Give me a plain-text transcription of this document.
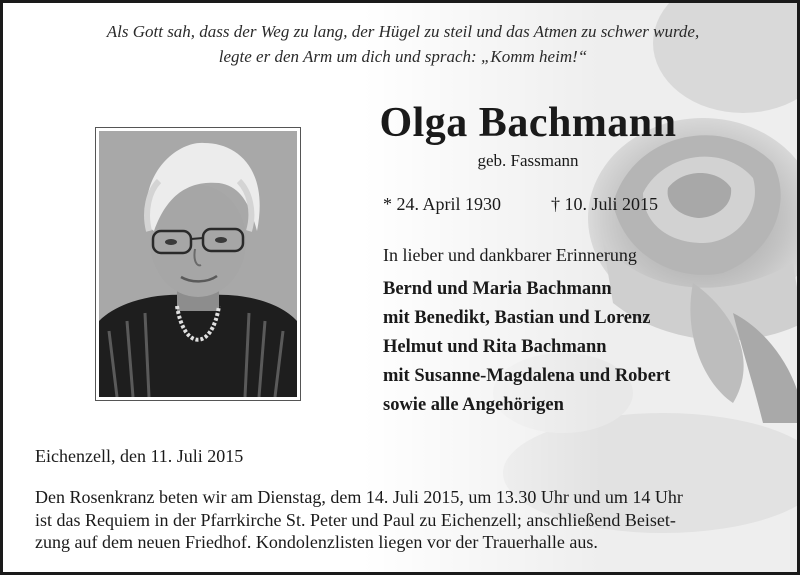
Als Gott sah, dass der Weg zu lang, der Hügel zu steil und das Atmen zu schwer wurde,
legte er den Arm um dich und sprach: „Komm heim!“
Olga Bachmann
geb. Fassmann
* 24. April 1930	† 10. Juli 2015
In lieber und dankbarer Erinnerung
Bernd und Maria Bachmann
mit Benedikt, Bastian und Lorenz
Helmut und Rita Bachmann
mit Susanne-Magdalena und Robert
sowie alle Angehörigen
Eichenzell, den 11. Juli 2015
Den Rosenkranz beten wir am Dienstag, dem 14. Juli 2015, um 13.30 Uhr und um 14 Uhr
ist das Requiem in der Pfarrkirche St. Peter und Paul zu Eichenzell; anschließend Beiset-
zung auf dem neuen Friedhof. Kondolenzlisten liegen vor der Trauerhalle aus.
